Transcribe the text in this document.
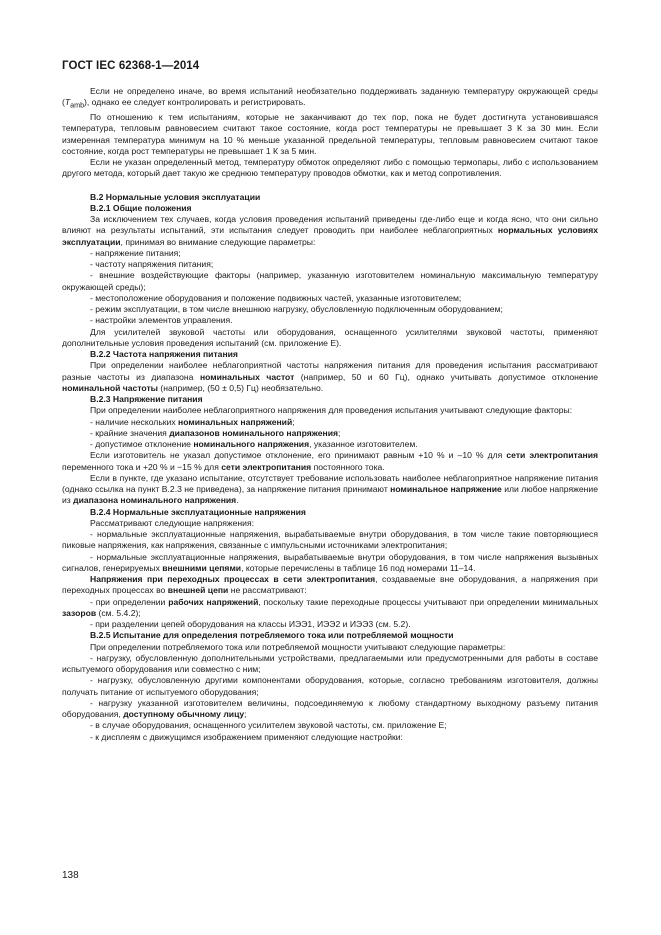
ГОСТ IEC 62368-1—2014

Если не определено иначе, во время испытаний необязательно поддерживать заданную температуру окружающей среды $(T_{amb})$, однако ее следует контролировать и регистрировать.

По отношению к тем испытаниям, которые не заканчивают до тех пор, пока не будет достигнута установившаяся температура, тепловым равновесием считают такое состояние, когда рост температуры не превышает 3 К за 30 мин. Если измеренная температура минимум на 10 % меньше указанной предельной температуры, тепловым равновесием считают такое состояние, когда рост температуры не превышает 1 К за 5 мин.

Если не указан определенный метод, температуру обмоток определяют либо с помощью термопары, либо с использованием другого метода, который дает такую же среднюю температуру проводов обмотки, как и метод сопротивления.

В.2 Нормальные условия эксплуатации

В.2.1 Общие положения

За исключением тех случаев, когда условия проведения испытаний приведены где-либо еще и когда ясно, что они сильно влияют на результаты испытаний, эти испытания следует проводить при наиболее неблагоприятных нормальных условиях эксплуатации, принимая во внимание следующие параметры:

- напряжение питания;

- частоту напряжения питания;

- внешние воздействующие факторы (например, указанную изготовителем номинальную максимальную температуру окружающей среды);

- местоположение оборудования и положение подвижных частей, указанные изготовителем;

- режим эксплуатации, в том числе внешнюю нагрузку, обусловленную подключенным оборудованием;

- настройки элементов управления.

Для усилителей звуковой частоты или оборудования, оснащенного усилителями звуковой частоты, применяют дополнительные условия проведения испытаний (см. приложение Е).

В.2.2 Частота напряжения питания

При определении наиболее неблагоприятной частоты напряжения питания для проведения испытания рассматривают разные частоты из диапазона номинальных частот (например, 50 и 60 Гц), однако учитывать допустимое отклонение номинальной частоты (например, (50 ± 0,5) Гц) необязательно.

В.2.3 Напряжение питания

При определении наиболее неблагоприятного напряжения для проведения испытания учитывают следующие факторы:

- наличие нескольких номинальных напряжений;

- крайние значения диапазонов номинального напряжения;

- допустимое отклонение номинального напряжения, указанное изготовителем.

Если изготовитель не указал допустимое отклонение, его принимают равным +10 % и –10 % для сети электропитания переменного тока и +20 % и −15 % для сети электропитания постоянного тока.

Если в пункте, где указано испытание, отсутствует требование использовать наиболее неблагоприятное напряжение питания (однако ссылка на пункт В.2.3 не приведена), за напряжение питания принимают номинальное напряжение или любое напряжение из диапазона номинального напряжения.

В.2.4 Нормальные эксплуатационные напряжения

Рассматривают следующие напряжения:

- нормальные эксплуатационные напряжения, вырабатываемые внутри оборудования, в том числе такие повторяющиеся пиковые напряжения, как напряжения, связанные с импульсными источниками электропитания;

- нормальные эксплуатационные напряжения, вырабатываемые внутри оборудования, в том числе напряжения вызывных сигналов, генерируемых внешними цепями, которые перечислены в таблице 16 под номерами 11–14.

Напряжения при переходных процессах в сети электропитания, создаваемые вне оборудования, а напряжения при переходных процессах во внешней цепи не рассматривают:

- при определении рабочих напряжений, поскольку такие переходные процессы учитывают при определении минимальных зазоров (см. 5.4.2);

- при разделении цепей оборудования на классы ИЭЭ1, ИЭЭ2 и ИЭЭ3 (см. 5.2).

В.2.5 Испытание для определения потребляемого тока или потребляемой мощности

При определении потребляемого тока или потребляемой мощности учитывают следующие параметры:

- нагрузку, обусловленную дополнительными устройствами, предлагаемыми или предусмотренными для работы в составе испытуемого оборудования или совместно с ним;

- нагрузку, обусловленную другими компонентами оборудования, которые, согласно требованиям изготовителя, должны получать питание от испытуемого оборудования;

- нагрузку указанной изготовителем величины, подсоединяемую к любому стандартному выходному разъему питания оборудования, доступному обычному лицу;

- в случае оборудования, оснащенного усилителем звуковой частоты, см. приложение Е;

- к дисплеям с движущимся изображением применяют следующие настройки:

138
